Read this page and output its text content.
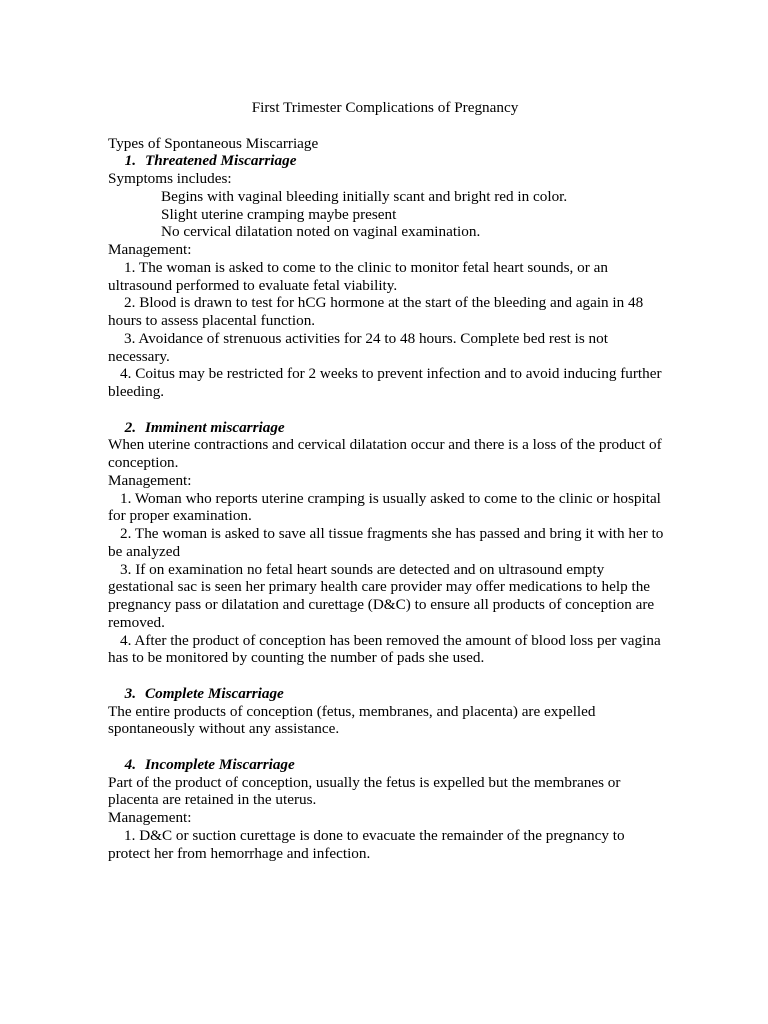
First Trimester Complications of Pregnancy
Types of Spontaneous Miscarriage
1. Threatened Miscarriage
Symptoms includes:
Begins with vaginal bleeding initially scant and bright red in color.
Slight uterine cramping maybe present
No cervical dilatation noted on vaginal examination.
Management:
1. The woman is asked to come to the clinic to monitor fetal heart sounds, or an ultrasound performed to evaluate fetal viability.
2. Blood is drawn to test for hCG hormone at the start of the bleeding and again in 48 hours to assess placental function.
3. Avoidance of strenuous activities for 24 to 48 hours. Complete bed rest is not necessary.
4. Coitus may be restricted for 2 weeks to prevent infection and to avoid inducing further bleeding.
2. Imminent miscarriage
When uterine contractions and cervical dilatation occur and there is a loss of the product of conception.
Management:
1. Woman who reports uterine cramping is usually asked to come to the clinic or hospital for proper examination.
2. The woman is asked to save all tissue fragments she has passed and bring it with her to be analyzed
3. If on examination no fetal heart sounds are detected and on ultrasound empty gestational sac is seen her primary health care provider may offer medications to help the pregnancy pass or dilatation and curettage (D&C) to ensure all products of conception are removed.
4. After the product of conception has been removed the amount of blood loss per vagina has to be monitored by counting the number of pads she used.
3. Complete Miscarriage
The entire products of conception (fetus, membranes, and placenta) are expelled spontaneously without any assistance.
4. Incomplete Miscarriage
Part of the product of conception, usually the fetus is expelled but the membranes or placenta are retained in the uterus.
Management:
1. D&C or suction curettage is done to evacuate the remainder of the pregnancy to protect her from hemorrhage and infection.
